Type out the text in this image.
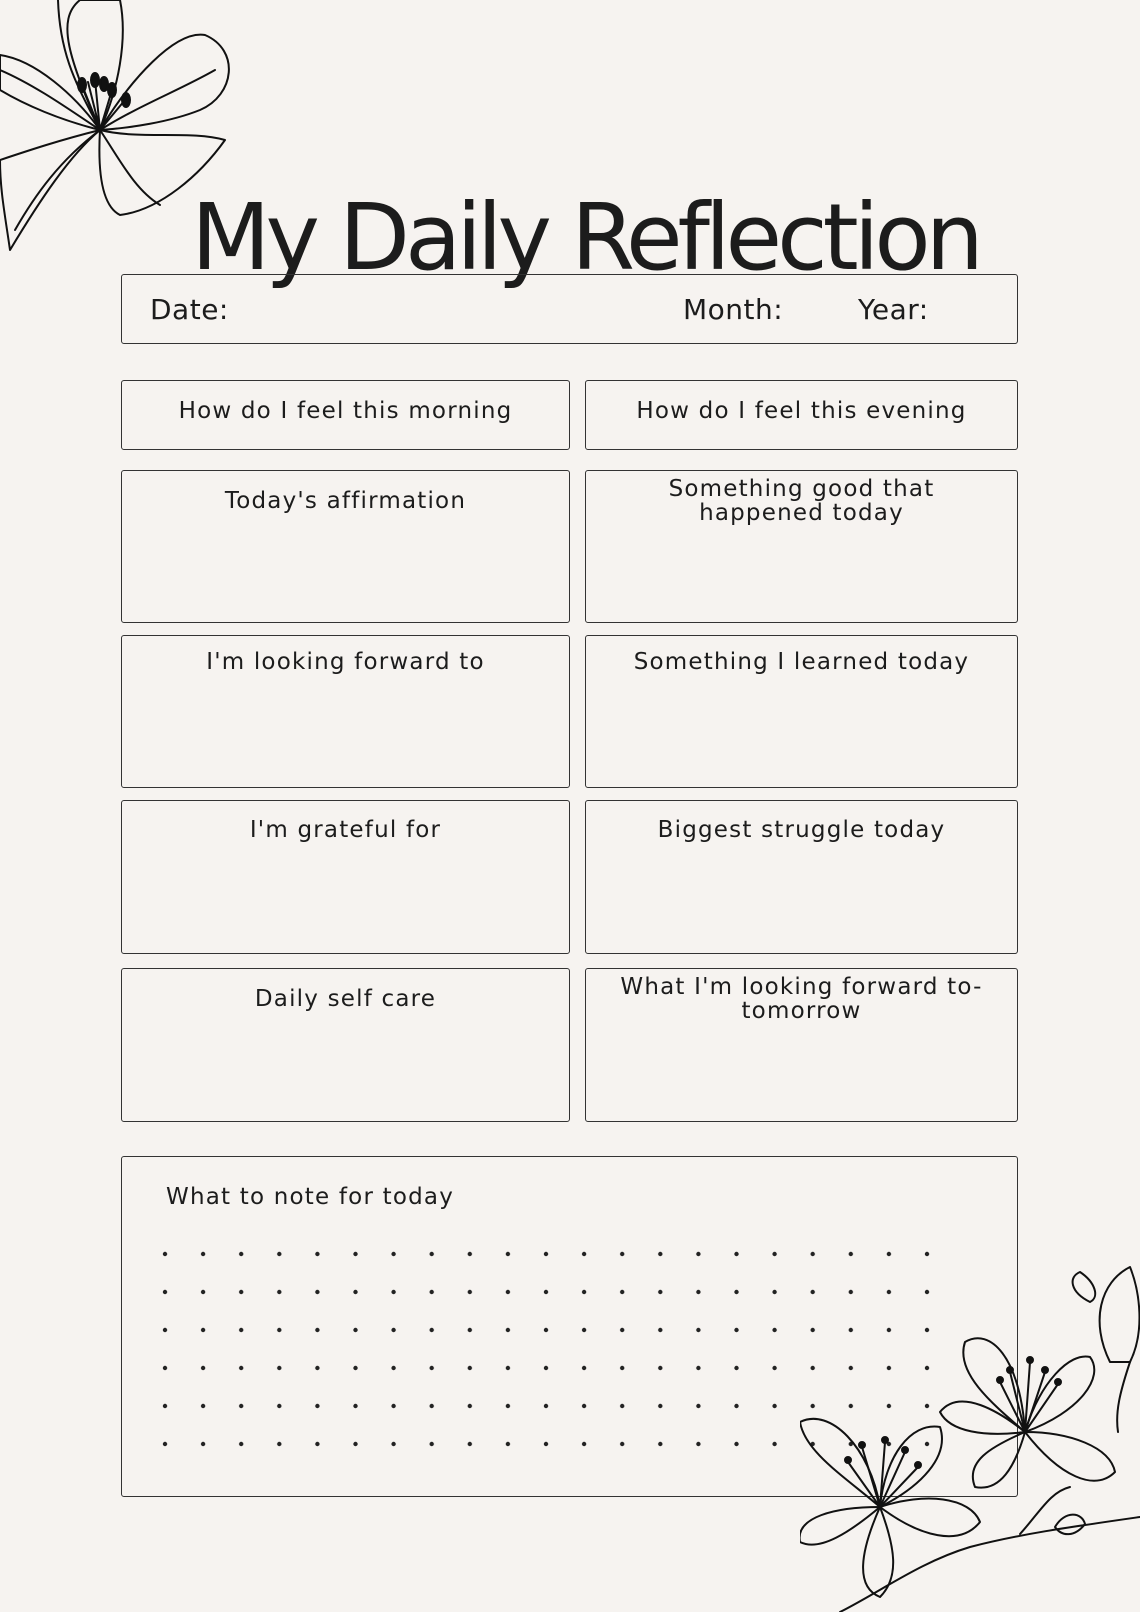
My Daily Reflection
Date:	Month:	Year:
How do I feel this morning	How do I feel this evening
Today's affirmation	Something good that happened today
I'm looking forward to	Something I learned today
I'm grateful for	Biggest struggle today
Daily self care	What I'm looking forward to- tomorrow
What to note for today
